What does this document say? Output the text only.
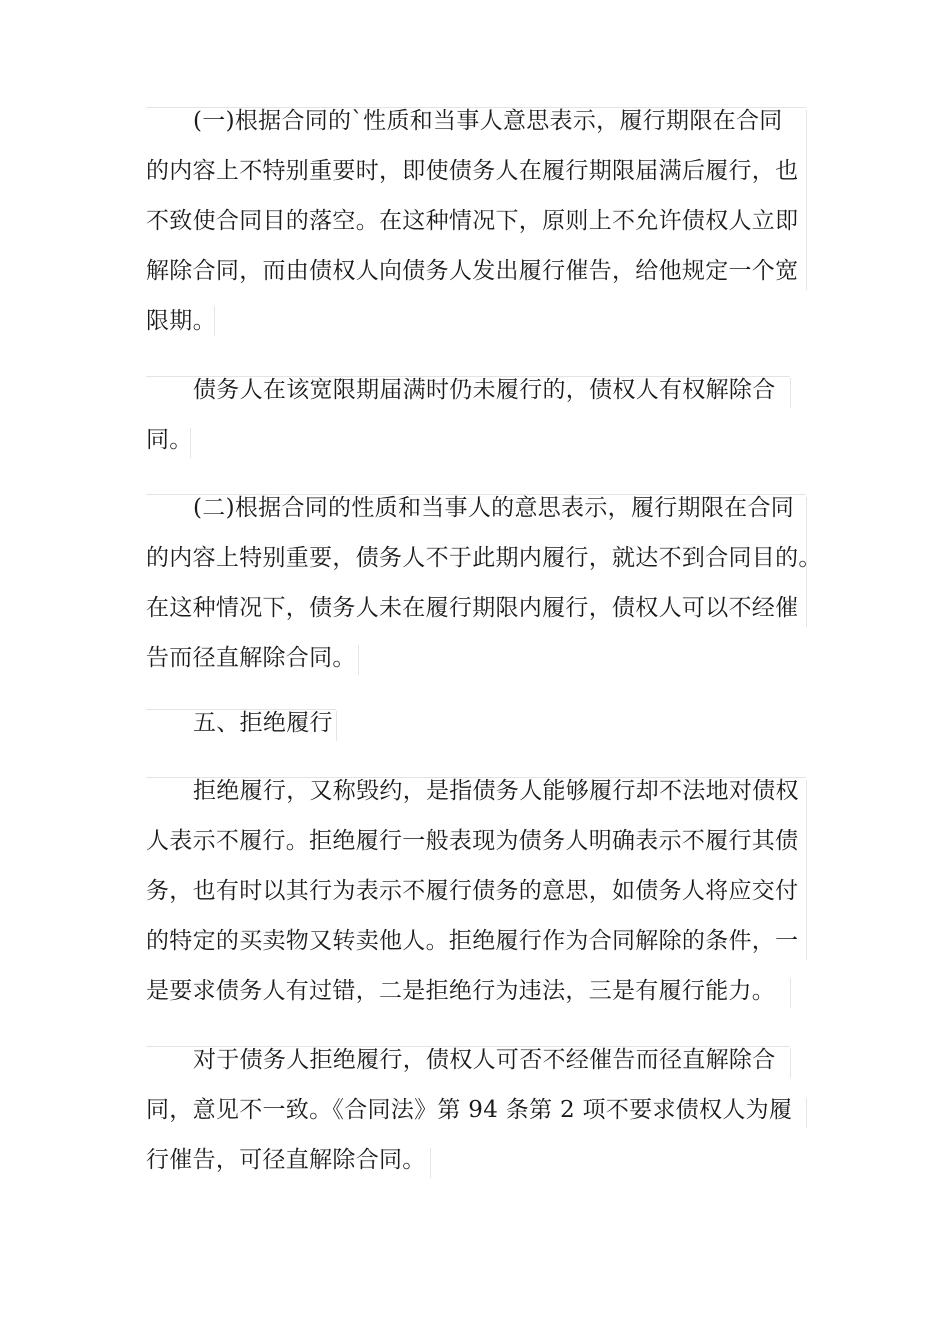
(一)根据合同的`性质和当事人意思表示，履行期限在合同
的内容上不特别重要时，即使债务人在履行期限届满后履行，也
不致使合同目的落空。在这种情况下，原则上不允许债权人立即
解除合同，而由债权人向债务人发出履行催告，给他规定一个宽
限期。
债务人在该宽限期届满时仍未履行的，债权人有权解除合
同。
(二)根据合同的性质和当事人的意思表示，履行期限在合同
的内容上特别重要，债务人不于此期内履行，就达不到合同目的。
在这种情况下，债务人未在履行期限内履行，债权人可以不经催
告而径直解除合同。
五、拒绝履行
拒绝履行，又称毁约，是指债务人能够履行却不法地对债权
人表示不履行。拒绝履行一般表现为债务人明确表示不履行其债
务，也有时以其行为表示不履行债务的意思，如债务人将应交付
的特定的买卖物又转卖他人。拒绝履行作为合同解除的条件，一
是要求债务人有过错，二是拒绝行为违法，三是有履行能力。
对于债务人拒绝履行，债权人可否不经催告而径直解除合
同，意见不一致。《合同法》第 94 条第 2 项不要求债权人为履
行催告，可径直解除合同。
